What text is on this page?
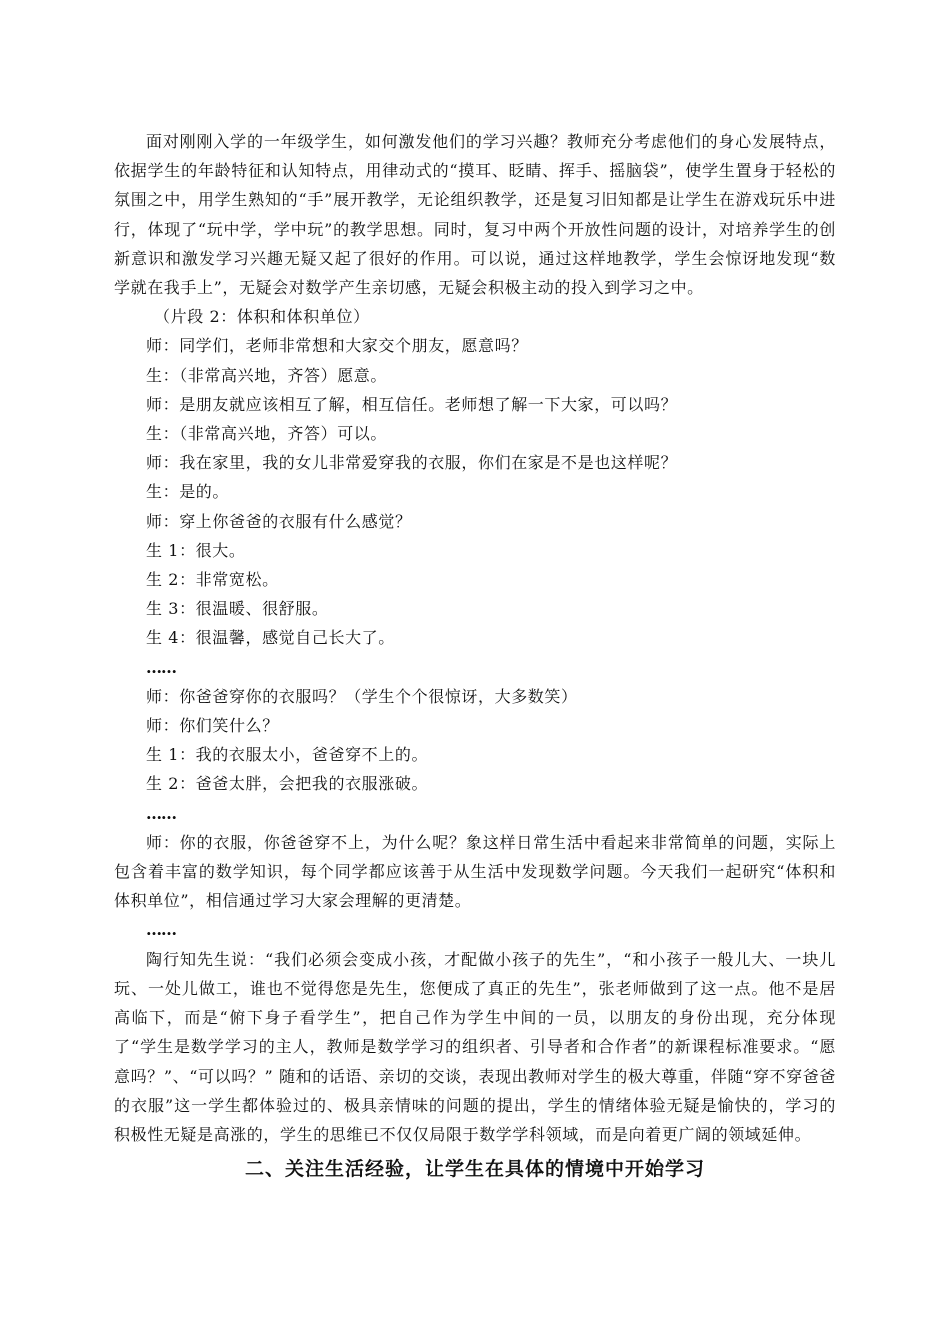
面对刚刚入学的一年级学生，如何激发他们的学习兴趣？教师充分考虑他们的身心发展特点，依据学生的年龄特征和认知特点，用律动式的“摸耳、眨睛、挥手、摇脑袋”，使学生置身于轻松的氛围之中，用学生熟知的“手”展开教学，无论组织教学，还是复习旧知都是让学生在游戏玩乐中进行，体现了“玩中学，学中玩”的教学思想。同时，复习中两个开放性问题的设计，对培养学生的创新意识和激发学习兴趣无疑又起了很好的作用。可以说，通过这样地教学，学生会惊讶地发现“数学就在我手上”，无疑会对数学产生亲切感，无疑会积极主动的投入到学习之中。

（片段 2：体积和体积单位）

师：同学们，老师非常想和大家交个朋友，愿意吗？

生：（非常高兴地，齐答）愿意。

师：是朋友就应该相互了解，相互信任。老师想了解一下大家，可以吗？

生：（非常高兴地，齐答）可以。

师：我在家里，我的女儿非常爱穿我的衣服，你们在家是不是也这样呢？

生：是的。

师：穿上你爸爸的衣服有什么感觉？

生 1：很大。

生 2：非常宽松。

生 3：很温暖、很舒服。

生 4：很温馨，感觉自己长大了。

……

师：你爸爸穿你的衣服吗？（学生个个很惊讶，大多数笑）

师：你们笑什么？

生 1：我的衣服太小，爸爸穿不上的。

生 2：爸爸太胖，会把我的衣服涨破。

……

师：你的衣服，你爸爸穿不上，为什么呢？象这样日常生活中看起来非常简单的问题，实际上包含着丰富的数学知识，每个同学都应该善于从生活中发现数学问题。今天我们一起研究“体积和体积单位”，相信通过学习大家会理解的更清楚。

……

陶行知先生说：“我们必须会变成小孩，才配做小孩子的先生”，“和小孩子一般儿大、一块儿玩、一处儿做工，谁也不觉得您是先生，您便成了真正的先生”，张老师做到了这一点。他不是居高临下，而是“俯下身子看学生”，把自己作为学生中间的一员，以朋友的身份出现，充分体现了“学生是数学学习的主人，教师是数学学习的组织者、引导者和合作者”的新课程标准要求。“愿意吗？”、“可以吗？” 随和的话语、亲切的交谈，表现出教师对学生的极大尊重，伴随“穿不穿爸爸的衣服”这一学生都体验过的、极具亲情味的问题的提出，学生的情绪体验无疑是愉快的，学习的积极性无疑是高涨的，学生的思维已不仅仅局限于数学学科领域，而是向着更广阔的领域延伸。

二、关注生活经验，让学生在具体的情境中开始学习
